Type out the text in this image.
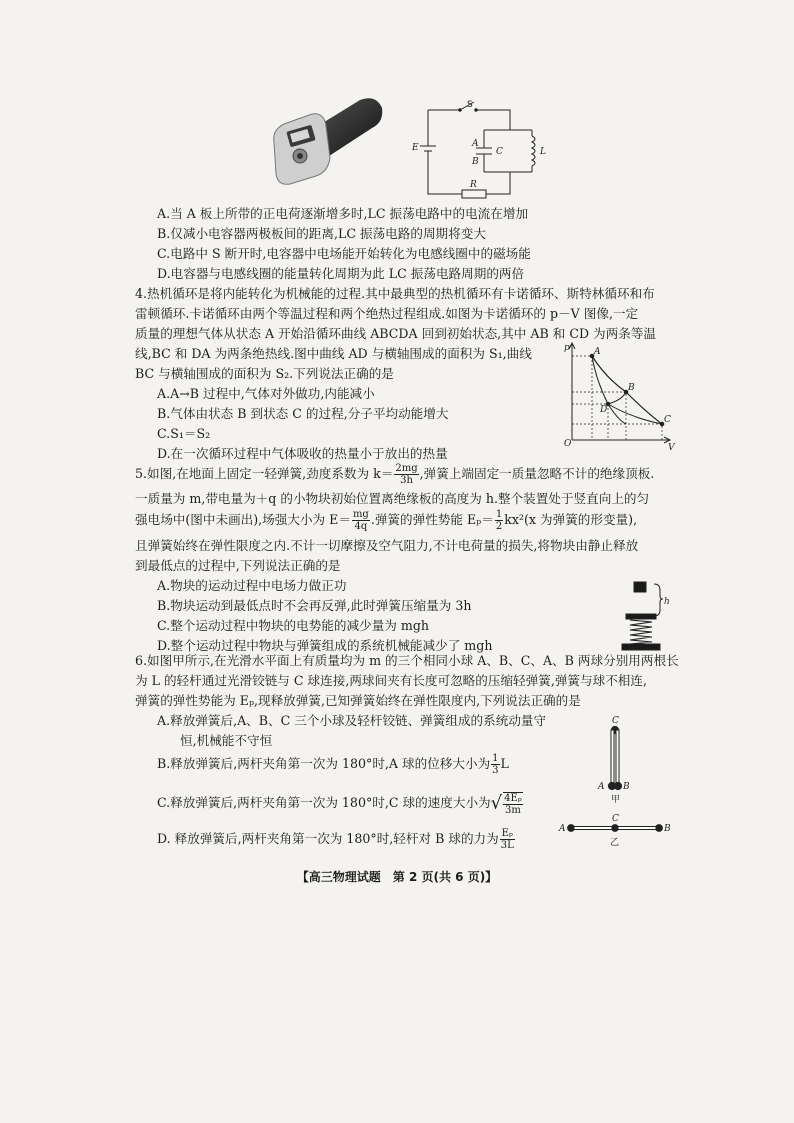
S
E	A
B
C	L
R
A.当 A 板上所带的正电荷逐渐增多时,LC 振荡电路中的电流在增加
B.仅减小电容器两极板间的距离,LC 振荡电路的周期将变大
C.电路中 S 断开时,电容器中电场能开始转化为电感线圈中的磁场能
D.电容器与电感线圈的能量转化周期为此 LC 振荡电路周期的两倍
4.热机循环是将内能转化为机械能的过程.其中最典型的热机循环有卡诺循环、斯特林循环和布
雷顿循环.卡诺循环由两个等温过程和两个绝热过程组成.如图为卡诺循环的 p－V 图像,一定
质量的理想气体从状态 A 开始沿循环曲线 ABCDA 回到初始状态,其中 AB 和 CD 为两条等温
线,BC 和 DA 为两条绝热线.图中曲线 AD 与横轴围成的面积为 S₁,曲线
BC 与横轴围成的面积为 S₂.下列说法正确的是
A.A→B 过程中,气体对外做功,内能减小
B.气体由状态 B 到状态 C 的过程,分子平均动能增大
C.S₁＝S₂
D.在一次循环过程中气体吸收的热量小于放出的热量
p
V
O
A
B
C
D
5.如图,在地面上固定一轻弹簧,劲度系数为 $k= \frac{2mg}{3h}$ ,弹簧上端固定一质量忽略不计的绝缘顶板.
一质量为 m,带电量为＋q 的小物块初始位置离绝缘板的高度为 h.整个装置处于竖直向上的匀
强电场中(图中未画出),场强大小为 $E= \frac{mg}{4q}$ .弹簧的弹性势能 $E_p= \frac{1}{2} kx^2(x$ 为弹簧的形变量),
且弹簧始终在弹性限度之内.不计一切摩擦及空气阻力,不计电荷量的损失,将物块由静止释放
到最低点的过程中,下列说法正确的是
A.物块的运动过程中电场力做正功
B.物块运动到最低点时不会再反弹,此时弹簧压缩量为 3h
C.整个运动过程中物块的电势能的减少量为 mgh
D.整个运动过程中物块与弹簧组成的系统机械能减少了 mgh
h
6.如图甲所示,在光滑水平面上有质量均为 m 的三个相同小球 A、B、C、A、B 两球分别用两根长
为 L 的轻杆通过光滑铰链与 C 球连接,两球间夹有长度可忽略的压缩轻弹簧,弹簧与球不相连,
弹簧的弹性势能为 Eₚ,现释放弹簧,已知弹簧始终在弹性限度内,下列说法正确的是
A.释放弹簧后,A、B、C 三个小球及轻杆铰链、弹簧组成的系统动量守
恒,机械能不守恒
B.释放弹簧后,两杆夹角第一次为 180°时,A 球的位移大小为 $\frac{1}{3}$ L
C.释放弹簧后,两杆夹角第一次为 180°时,C 球的速度大小为√ $\frac{\text{4Eₚ}}{3m}$
D. 释放弹簧后,两杆夹角第一次为 180°时,轻杆对 B 球的力为 $\frac{\text{Eₚ}}{3L}$
C
A B
甲
A
C
B
乙
【高三物理试题　第 2 页(共 6 页)】
